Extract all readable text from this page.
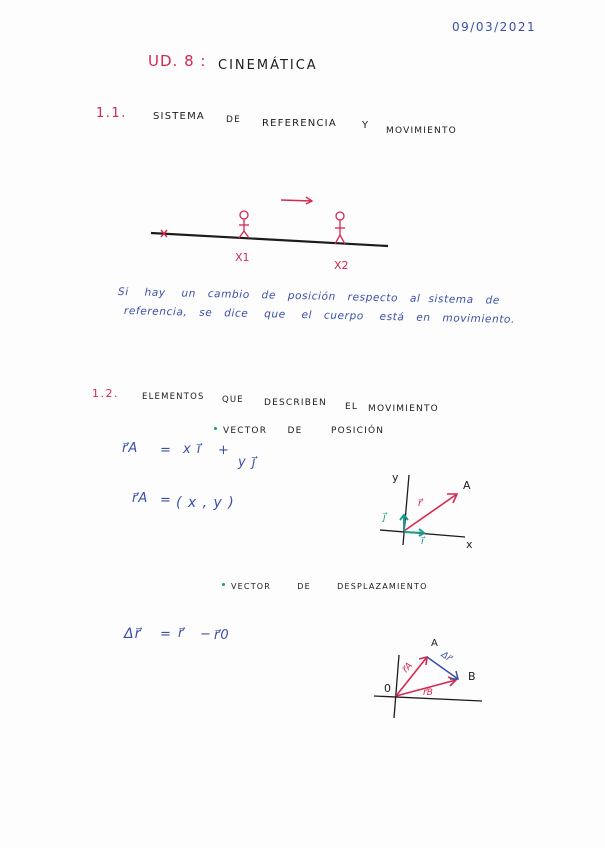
09/03/2021
UD. 8 : CINEMÁTICA
1.1.	SISTEMA DE REFERENCIA	Y MOVIMIENTO
X1
X2
Si hay un cambio de posición respecto al sistema de
referencia, se dice que el cuerpo está en movimiento.
1.2.	ELEMENTOS QUE DESCRIBEN EL MOVIMIENTO
VECTOR DE	POSICIÓN
r⃗A = x i⃗ +
y j⃗
r⃗A = ( x , y )
y
x
A
r⃗
i⃗
j⃗
VECTOR	DE	DESPLAZAMIENTO
Δr⃗ = r⃗ − r⃗0
0
A
B
r⃗A
r⃗B
Δr⃗
